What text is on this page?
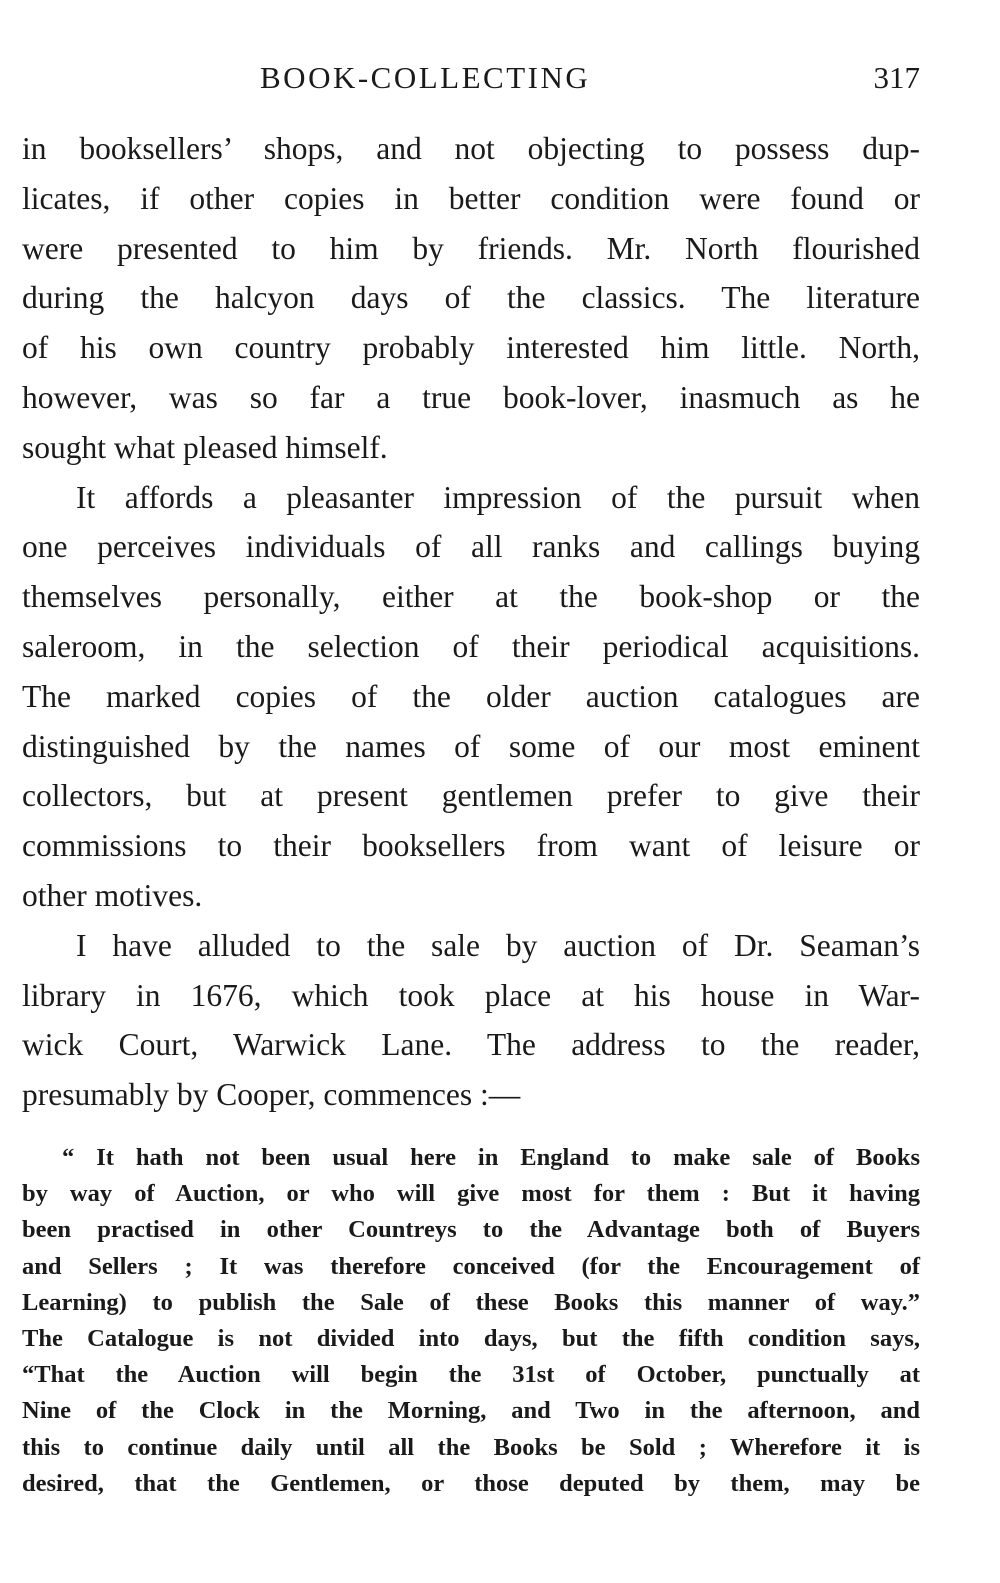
BOOK-COLLECTING	317
in booksellers’ shops, and not objecting to possess dup-
licates, if other copies in better condition were found or
were presented to him by friends. Mr. North flourished
during the halcyon days of the classics. The literature
of his own country probably interested him little. North,
however, was so far a true book-lover, inasmuch as he
sought what pleased himself.
It affords a pleasanter impression of the pursuit when
one perceives individuals of all ranks and callings buying
themselves personally, either at the book-shop or the
saleroom, in the selection of their periodical acquisitions.
The marked copies of the older auction catalogues are
distinguished by the names of some of our most eminent
collectors, but at present gentlemen prefer to give their
commissions to their booksellers from want of leisure or
other motives.
I have alluded to the sale by auction of Dr. Seaman’s
library in 1676, which took place at his house in War-
wick Court, Warwick Lane. The address to the reader,
presumably by Cooper, commences :—
“ It hath not been usual here in England to make sale of Books
by way of Auction, or who will give most for them : But it having
been practised in other Countreys to the Advantage both of Buyers
and Sellers ; It was therefore conceived (for the Encouragement of
Learning) to publish the Sale of these Books this manner of way.”
The Catalogue is not divided into days, but the fifth condition says,
“That the Auction will begin the 31st of October, punctually at
Nine of the Clock in the Morning, and Two in the afternoon, and
this to continue daily until all the Books be Sold ; Wherefore it is
desired, that the Gentlemen, or those deputed by them, may be
